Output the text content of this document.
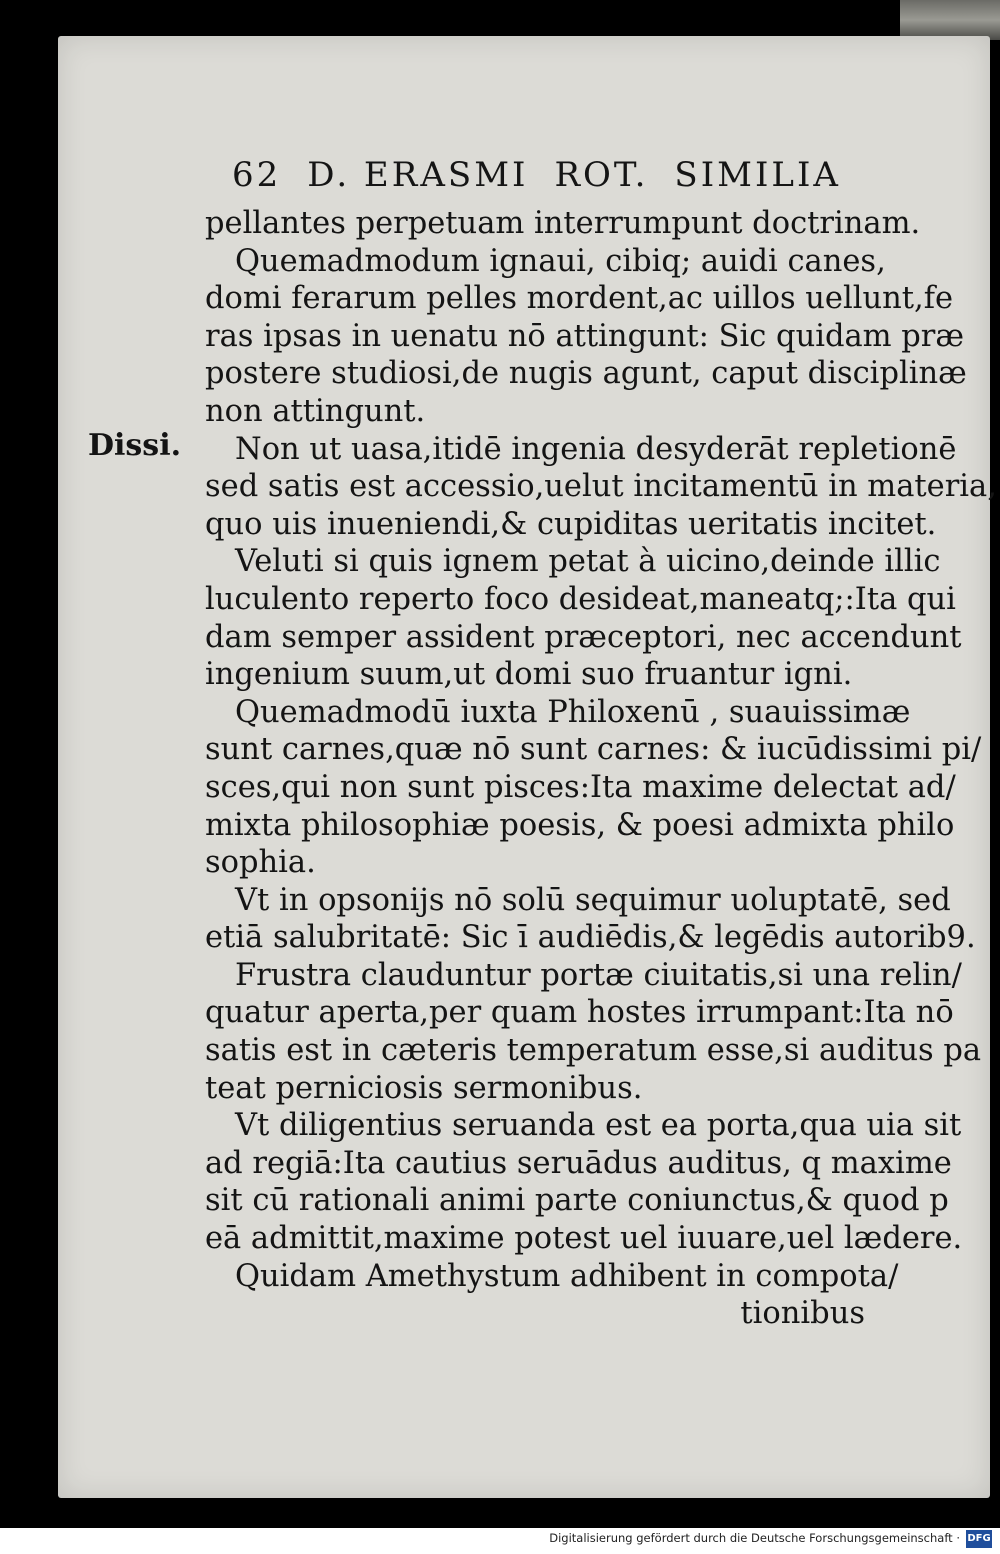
62 D. ERASMI ROT. SIMILIA
Dissi.
pellantes perpetuam interrumpunt doctrinam.
Quemadmodum ignaui, cibiq; auidi canes,
domi ferarum pelles mordent,ac uillos uellunt,fe
ras ipsas in uenatu nō attingunt: Sic quidam præ
postere studiosi,de nugis agunt, caput disciplinæ
non attingunt.
Non ut uasa,itidē ingenia desyderāt repletionē
sed satis est accessio,uelut incitamentū in materia,
quo uis inueniendi,& cupiditas ueritatis incitet.
Veluti si quis ignem petat à uicino,deinde illic
luculento reperto foco desideat,maneatq;:Ita qui
dam semper assident præceptori, nec accendunt
ingenium suum,ut domi suo fruantur igni.
Quemadmodū iuxta Philoxenū , suauissimæ
sunt carnes,quæ nō sunt carnes: & iucūdissimi pi/
sces,qui non sunt pisces:Ita maxime delectat ad/
mixta philosophiæ poesis, & poesi admixta philo
sophia.
Vt in opsonijs nō solū sequimur uoluptatē, sed
etiā salubritatē: Sic ī audiēdis,& legēdis autorib9.
Frustra clauduntur portæ ciuitatis,si una relin/
quatur aperta,per quam hostes irrumpant:Ita nō
satis est in cæteris temperatum esse,si auditus pa
teat perniciosis sermonibus.
Vt diligentius seruanda est ea porta,qua uia sit
ad regiā:Ita cautius seruādus auditus, q maxime
sit cū rationali animi parte coniunctus,& quod p
eā admittit,maxime potest uel iuuare,uel lædere.
Quidam Amethystum adhibent in compota/
tionibus
Digitalisierung gefördert durch die Deutsche Forschungsgemeinschaft · DFG
